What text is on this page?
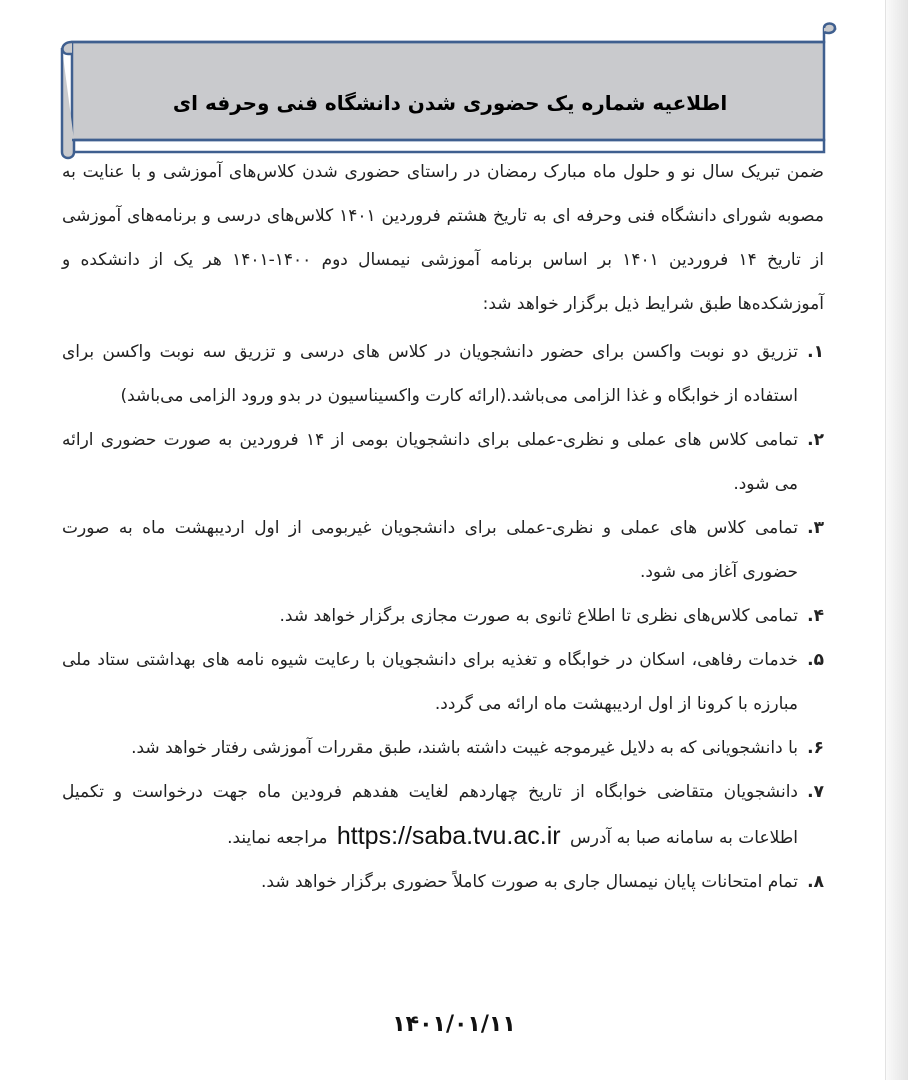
اطلاعیه شماره یک حضوری شدن دانشگاه فنی وحرفه ای

ضمن تبریک سال نو و حلول ماه مبارک رمضان در راستای حضوری شدن کلاس‌های آموزشی و با عنایت به مصوبه شورای دانشگاه فنی وحرفه ای به تاریخ هشتم فروردین ۱۴۰۱ کلاس‌های درسی و برنامه‌های آموزشی از تاریخ ۱۴ فروردین ۱۴۰۱ بر اساس برنامه آموزشی نیمسال دوم ۱۴۰۰-۱۴۰۱ هر یک از دانشکده و آموزشکده‌ها طبق شرایط ذیل برگزار خواهد شد:

۱.
تزریق دو نوبت واکسن برای حضور دانشجویان در کلاس های درسی و تزریق سه نوبت واکسن برای استفاده از خوابگاه و غذا الزامی می‌باشد.(ارائه کارت واکسیناسیون در بدو ورود الزامی می‌باشد)
۲.
تمامی کلاس های عملی و نظری-عملی برای دانشجویان بومی از ۱۴ فروردین به صورت حضوری ارائه می شود.
۳.
تمامی کلاس های عملی و نظری-عملی برای دانشجویان غیربومی از اول اردیبهشت ماه به صورت حضوری آغاز می شود.
۴.
تمامی کلاس‌های نظری تا اطلاع ثانوی به صورت مجازی برگزار خواهد شد.
۵.
خدمات رفاهی، اسکان در خوابگاه و تغذیه برای دانشجویان با رعایت شیوه نامه های بهداشتی ستاد ملی مبارزه با کرونا از اول اردیبهشت ماه ارائه می گردد.
۶.
با دانشجویانی که به دلایل غیرموجه غیبت داشته باشند، طبق مقررات آموزشی رفتار خواهد شد.
۷.
دانشجویان متقاضی خوابگاه از تاریخ چهاردهم لغایت هفدهم فرودین ماه جهت درخواست و تکمیل اطلاعات به سامانه صبا به آدرس https://saba.tvu.ac.ir مراجعه نمایند.
۸.
تمام امتحانات پایان نیمسال جاری به صورت کاملاً حضوری برگزار خواهد شد.
۱۴۰۱/۰۱/۱۱
